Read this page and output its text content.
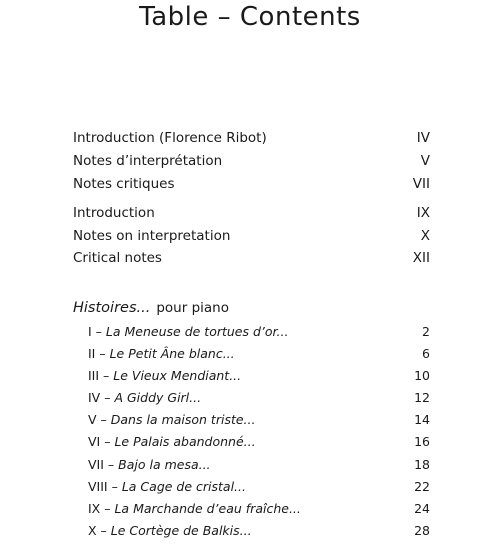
Table – Contents
Introduction (Florence Ribot)	IV
Notes d’interprétation	V
Notes critiques	VII
Introduction	IX
Notes on interpretation	X
Critical notes	XII
Histoires... pour piano
I – La Meneuse de tortues d’or...	2
II – Le Petit Âne blanc...	6
III – Le Vieux Mendiant...	10
IV – A Giddy Girl...	12
V – Dans la maison triste...	14
VI – Le Palais abandonné...	16
VII – Bajo la mesa...	18
VIII – La Cage de cristal...	22
IX – La Marchande d’eau fraîche...	24
X – Le Cortège de Balkis...	28
